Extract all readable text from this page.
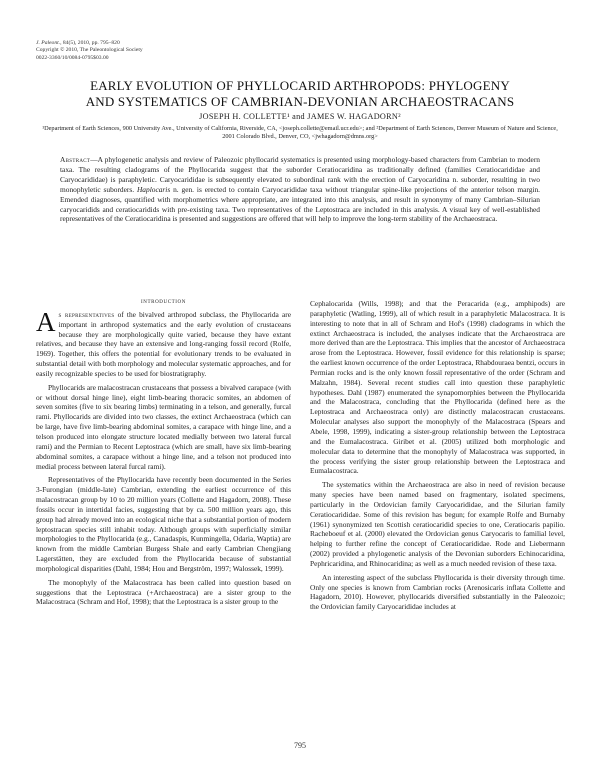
J. Paleont., 84(5), 2010, pp. 795–820
Copyright © 2010, The Paleontological Society
0022-3360/10/0084-0795$03.00
EARLY EVOLUTION OF PHYLLOCARID ARTHROPODS: PHYLOGENY
AND SYSTEMATICS OF CAMBRIAN-DEVONIAN ARCHAEOSTRACANS
JOSEPH H. COLLETTE¹ and JAMES W. HAGADORN²
¹Department of Earth Sciences, 900 University Ave., University of California, Riverside, CA, <joseph.collette@email.ucr.edu>; and ²Department of Earth Sciences, Denver Museum of Nature and Science, 2001 Colorado Blvd., Denver, CO, <jwhagadorn@dmns.org>
Abstract—A phylogenetic analysis and review of Paleozoic phyllocarid systematics is presented using morphology-based characters from Cambrian to modern taxa. The resulting cladograms of the Phyllocarida suggest that the suborder Ceratiocaridina as traditionally defined (families Ceratiocarididae and Caryocarididae) is paraphyletic. Caryocarididae is subsequently elevated to subordinal rank with the erection of Caryocaridina n. suborder, resulting in two monophyletic suborders. Haplocaris n. gen. is erected to contain Caryocarididae taxa without triangular spine-like projections of the anterior telson margin. Emended diagnoses, quantified with morphometrics where appropriate, are integrated into this analysis, and result in synonymy of many Cambrian–Silurian caryocaridids and ceratiocaridids with pre-existing taxa. Two representatives of the Leptostraca are included in this analysis. A visual key of well-established representatives of the Ceratiocaridina is presented and suggestions are offered that will help to improve the long-term stability of the Archaeostraca.
introduction

As representatives of the bivalved arthropod subclass, the Phyllocarida are important in arthropod systematics and the early evolution of crustaceans because they are morphologically quite varied, because they have extant relatives, and because they have an extensive and long-ranging fossil record (Rolfe, 1969). Together, this offers the potential for evolutionary trends to be evaluated in substantial detail with both morphology and molecular systematic approaches, and for easily recognizable species to be used for biostratigraphy.

Phyllocarids are malacostracan crustaceans that possess a bivalved carapace (with or without dorsal hinge line), eight limb-bearing thoracic somites, an abdomen of seven somites (five to six bearing limbs) terminating in a telson, and generally, furcal rami. Phyllocarids are divided into two classes, the extinct Archaeostraca (which can be large, have five limb-bearing abdominal somites, a carapace with hinge line, and a telson produced into elongate structure located medially between two lateral furcal rami) and the Permian to Recent Leptostraca (which are small, have six limb-bearing abdominal somites, a carapace without a hinge line, and a telson not produced into medial process between lateral furcal rami).

Representatives of the Phyllocarida have recently been documented in the Series 3-Furongian (middle-late) Cambrian, extending the earliest occurrence of this malacostracan group by 10 to 20 million years (Collette and Hagadorn, 2008). These fossils occur in intertidal facies, suggesting that by ca. 500 million years ago, this group had already moved into an ecological niche that a substantial portion of modern leptostracan species still inhabit today. Although groups with superficially similar morphologies to the Phyllocarida (e.g., Canadaspis, Kunmingella, Odaria, Waptia) are known from the middle Cambrian Burgess Shale and early Cambrian Chengjiang Lagerstätten, they are excluded from the Phyllocarida because of substantial morphological disparities (Dahl, 1984; Hou and Bergström, 1997; Walossek, 1999).

The monophyly of the Malacostraca has been called into question based on suggestions that the Leptostraca (+Archaeostraca) are a sister group to the Malacostraca (Schram and Hof, 1998); that the Leptostraca is a sister group to the

Cephalocarida (Wills, 1998); and that the Peracarida (e.g., amphipods) are paraphyletic (Watling, 1999), all of which result in a paraphyletic Malacostraca. It is interesting to note that in all of Schram and Hof's (1998) cladograms in which the extinct Archaeostraca is included, the analyses indicate that the Archaeostraca are more derived than are the Leptostraca. This implies that the ancestor of Archaeostraca arose from the Leptostraca. However, fossil evidence for this relationship is sparse; the earliest known occurrence of the order Leptostraca, Rhabdouraea bentzi, occurs in Permian rocks and is the only known fossil representative of the order (Schram and Malzahn, 1984). Several recent studies call into question these paraphyletic hypotheses. Dahl (1987) enumerated the synapomorphies between the Phyllocarida and the Malacostraca, concluding that the Phyllocarida (defined here as the Leptostraca and Archaeostraca only) are distinctly malacostracan crustaceans. Molecular analyses also support the monophyly of the Malacostraca (Spears and Abele, 1998, 1999), indicating a sister-group relationship between the Leptostraca and the Eumalacostraca. Giribet et al. (2005) utilized both morphologic and molecular data to determine that the monophyly of Malacostraca was supported, in the process verifying the sister group relationship between the Leptostraca and Eumalacostraca.

The systematics within the Archaeostraca are also in need of revision because many species have been named based on fragmentary, isolated specimens, particularly in the Ordovician family Caryocarididae, and the Silurian family Ceratiocarididae. Some of this revision has begun; for example Rolfe and Burnaby (1961) synonymized ten Scottish ceratiocaridid species to one, Ceratiocaris papilio. Racheboeuf et al. (2000) elevated the Ordovician genus Caryocaris to familial level, helping to further refine the concept of Ceratiocarididae. Rode and Liebermann (2002) provided a phylogenetic analysis of the Devonian suborders Echinocaridina, Pephricaridina, and Rhinocaridina; as well as a much needed revision of these taxa.

An interesting aspect of the subclass Phyllocarida is their diversity through time. Only one species is known from Cambrian rocks (Arenosicaris inflata Collette and Hagadorn, 2010). However, phyllocarids diversified substantially in the Paleozoic; the Ordovician family Caryocarididae includes at

795
